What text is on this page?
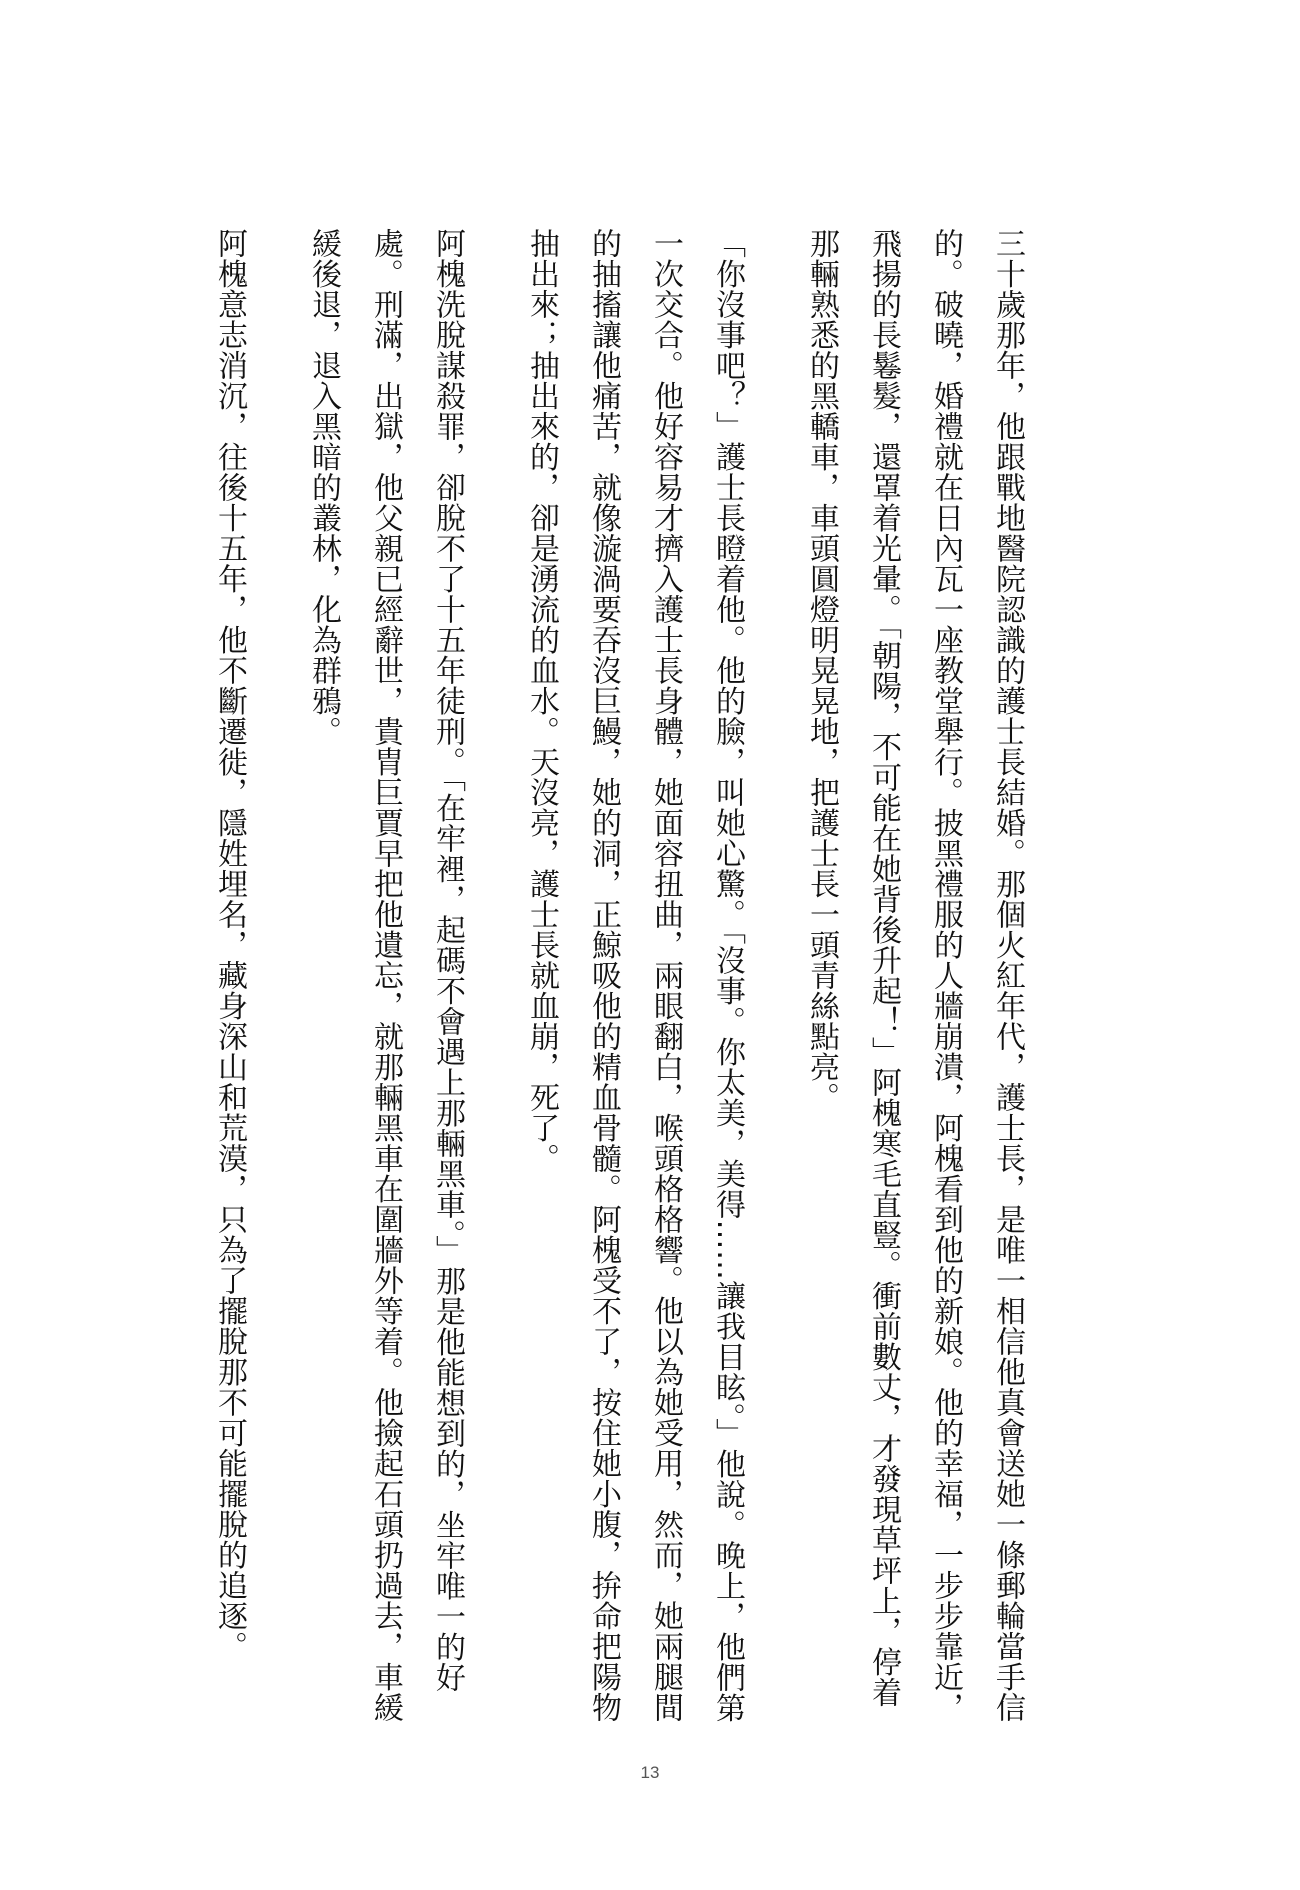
三十歲那年，他跟戰地醫院認識的護士長結婚。那個火紅年代，護士長，是唯一相信他真會送她一條郵輪當手信的。破曉，婚禮就在日內瓦一座教堂舉行。披黑禮服的人牆崩潰，阿槐看到他的新娘。他的幸福，一步步靠近，飛揚的長鬈髮，還罩着光暈。「朝陽，不可能在她背後升起！」阿槐寒毛直豎。衝前數丈，才發現草坪上，停着那輛熟悉的黑轎車，車頭圓燈明晃晃地，把護士長一頭青絲點亮。

「你沒事吧？」護士長瞪着他。他的臉，叫她心驚。「沒事。你太美，美得……讓我目眩。」他說。晚上，他們第一次交合。他好容易才擠入護士長身體，她面容扭曲，兩眼翻白，喉頭格格響。他以為她受用，然而，她兩腿間的抽搐讓他痛苦，就像漩渦要吞沒巨鰻，她的洞，正鯨吸他的精血骨髓。阿槐受不了，按住她小腹，拚命把陽物抽出來；抽出來的，卻是湧流的血水。天沒亮，護士長就血崩，死了。

阿槐洗脫謀殺罪，卻脫不了十五年徒刑。「在牢裡，起碼不會遇上那輛黑車。」那是他能想到的，坐牢唯一的好處。刑滿，出獄，他父親已經辭世，貴胄巨賈早把他遺忘，就那輛黑車在圍牆外等着。他撿起石頭扔過去，車緩緩後退，退入黑暗的叢林，化為群鴉。

阿槐意志消沉，往後十五年，他不斷遷徙，隱姓埋名，藏身深山和荒漠，只為了擺脫那不可能擺脫的追逐。

13
